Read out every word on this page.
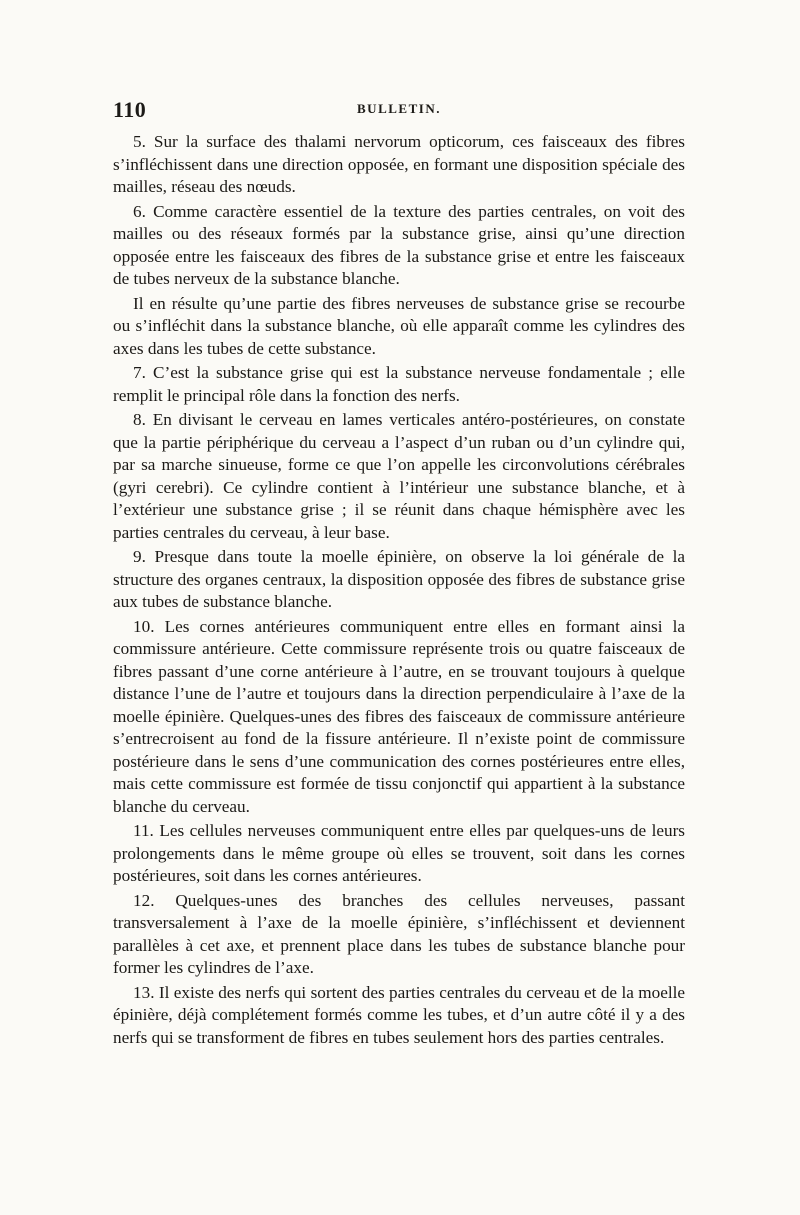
110	BULLETIN.

5. Sur la surface des thalami nervorum opticorum, ces faisceaux des fibres s’infléchissent dans une direction opposée, en formant une disposition spéciale des mailles, réseau des nœuds.

6. Comme caractère essentiel de la texture des parties centrales, on voit des mailles ou des réseaux formés par la substance grise, ainsi qu’une direction opposée entre les faisceaux des fibres de la substance grise et entre les faisceaux de tubes nerveux de la substance blanche.

Il en résulte qu’une partie des fibres nerveuses de substance grise se recourbe ou s’infléchit dans la substance blanche, où elle apparaît comme les cylindres des axes dans les tubes de cette substance.

7. C’est la substance grise qui est la substance nerveuse fondamentale ; elle remplit le principal rôle dans la fonction des nerfs.

8. En divisant le cerveau en lames verticales antéro-postérieures, on constate que la partie périphérique du cerveau a l’aspect d’un ruban ou d’un cylindre qui, par sa marche sinueuse, forme ce que l’on appelle les circonvolutions cérébrales (gyri cerebri). Ce cylindre contient à l’intérieur une substance blanche, et à l’extérieur une substance grise ; il se réunit dans chaque hémisphère avec les parties centrales du cerveau, à leur base.

9. Presque dans toute la moelle épinière, on observe la loi générale de la structure des organes centraux, la disposition opposée des fibres de substance grise aux tubes de substance blanche.

10. Les cornes antérieures communiquent entre elles en formant ainsi la commissure antérieure. Cette commissure représente trois ou quatre faisceaux de fibres passant d’une corne antérieure à l’autre, en se trouvant toujours à quelque distance l’une de l’autre et toujours dans la direction perpendiculaire à l’axe de la moelle épinière. Quelques-unes des fibres des faisceaux de commissure antérieure s’entrecroisent au fond de la fissure antérieure. Il n’existe point de commissure postérieure dans le sens d’une communication des cornes postérieures entre elles, mais cette commissure est formée de tissu conjonctif qui appartient à la substance blanche du cerveau.

11. Les cellules nerveuses communiquent entre elles par quelques-uns de leurs prolongements dans le même groupe où elles se trouvent, soit dans les cornes postérieures, soit dans les cornes antérieures.

12. Quelques-unes des branches des cellules nerveuses, passant transversalement à l’axe de la moelle épinière, s’infléchissent et deviennent parallèles à cet axe, et prennent place dans les tubes de substance blanche pour former les cylindres de l’axe.

13. Il existe des nerfs qui sortent des parties centrales du cerveau et de la moelle épinière, déjà complétement formés comme les tubes, et d’un autre côté il y a des nerfs qui se transforment de fibres en tubes seulement hors des parties centrales.
